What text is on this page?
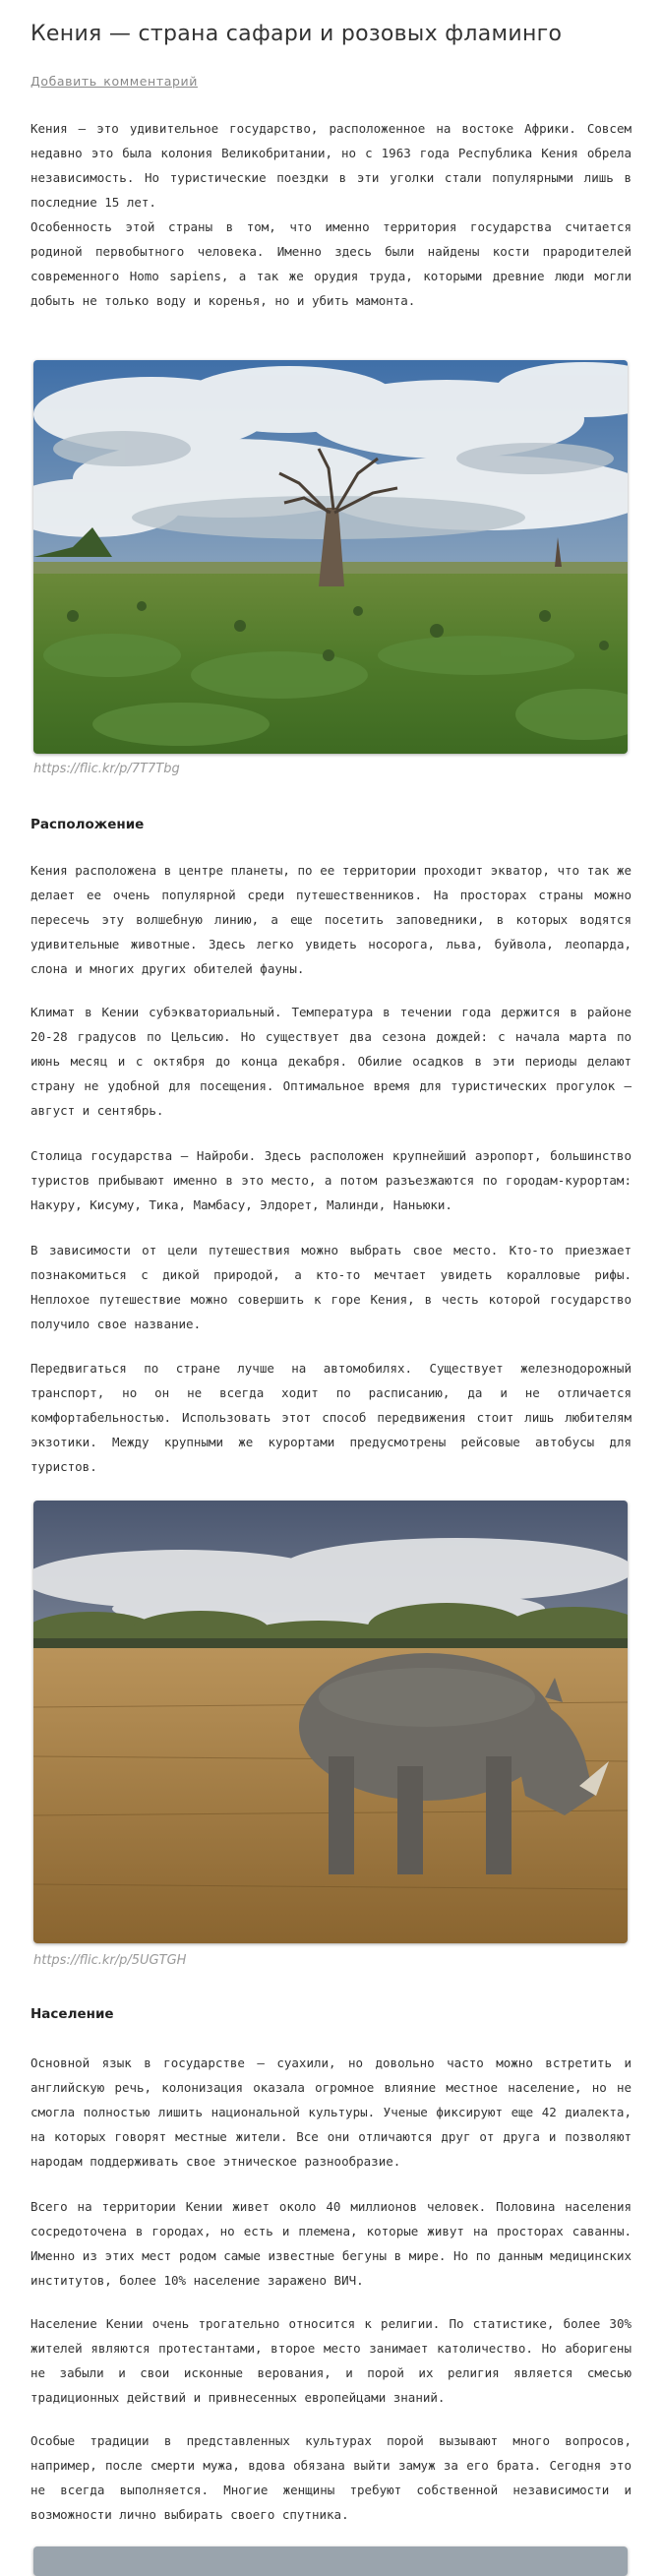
Кения — страна сафари и розовых фламинго
Добавить комментарий

Кения — это удивительное государство, расположенное на востоке Африки. Совсем недавно это была колония Великобритании, но с 1963 года Республика Кения обрела независимость. Но туристические поездки в эти уголки стали популярными лишь в последние 15 лет.

Особенность этой страны в том, что именно территория государства считается родиной первобытного человека. Именно здесь были найдены кости прародителей современного Homo sapiens, а так же орудия труда, которыми древние люди могли добыть не только воду и коренья, но и убить мамонта.

https://flic.kr/p/7T7Tbg
Расположение

Кения расположена в центре планеты, по ее территории проходит экватор, что так же делает ее очень популярной среди путешественников. На просторах страны можно пересечь эту волшебную линию, а еще посетить заповедники, в которых водятся удивительные животные. Здесь легко увидеть носорога, льва, буйвола, леопарда, слона и многих других обителей фауны.

Климат в Кении субэкваториальный. Температура в течении года держится в районе 20-28 градусов по Цельсию. Но существует два сезона дождей: с начала марта по июнь месяц и с октября до конца декабря. Обилие осадков в эти периоды делают страну не удобной для посещения. Оптимальное время для туристических прогулок — август и сентябрь.

Столица государства — Найроби. Здесь расположен крупнейший аэропорт, большинство туристов прибывают именно в это место, а потом разъезжаются по городам-курортам: Накуру, Кисуму, Тика, Мамбасу, Элдорет, Малинди, Наньюки.

В зависимости от цели путешествия можно выбрать свое место. Кто-то приезжает познакомиться с дикой природой, а кто-то мечтает увидеть коралловые рифы. Неплохое путешествие можно совершить к горе Кения, в честь которой государство получило свое название.

Передвигаться по стране лучше на автомобилях. Существует железнодорожный транспорт, но он не всегда ходит по расписанию, да и не отличается комфортабельностью. Использовать этот способ передвижения стоит лишь любителям экзотики. Между крупными же курортами предусмотрены рейсовые автобусы для туристов.

https://flic.kr/p/5UGTGH
Население

Основной язык в государстве — суахили, но довольно часто можно встретить и английскую речь, колонизация оказала огромное влияние местное население, но не смогла полностью лишить национальной культуры. Ученые фиксируют еще 42 диалекта, на которых говорят местные жители. Все они отличаются друг от друга и позволяют народам поддерживать свое этническое разнообразие.

Всего на территории Кении живет около 40 миллионов человек. Половина населения сосредоточена в городах, но есть и племена, которые живут на просторах саванны. Именно из этих мест родом самые известные бегуны в мире. Но по данным медицинских институтов, более 10% население заражено ВИЧ.

Население Кении очень трогательно относится к религии. По статистике, более 30% жителей являются протестантами, второе место занимает католичество. Но аборигены не забыли и свои исконные верования, и порой их религия является смесью традиционных действий и привнесенных европейцами знаний.

Особые традиции в представленных культурах порой вызывают много вопросов, например, после смерти мужа, вдова обязана выйти замуж за его брата. Сегодня это не всегда выполняется. Многие женщины требуют собственной независимости и возможности лично выбирать своего спутника.
